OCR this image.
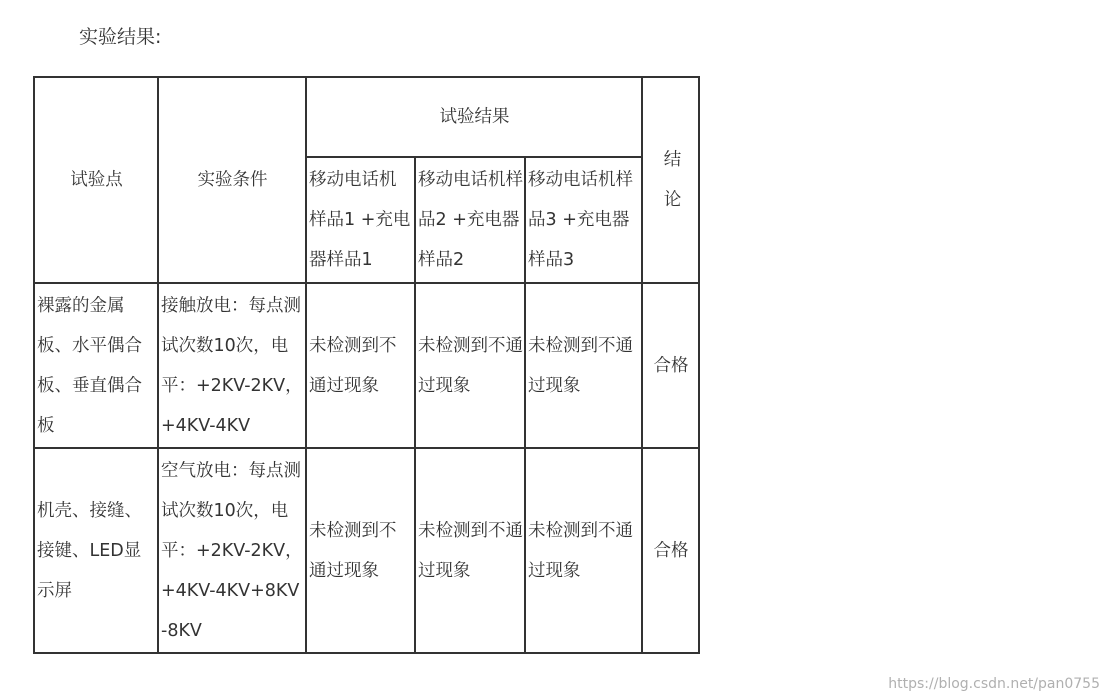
实验结果:
试验点	实验条件	试验结果			结论
		移动电话机样品1 +充电器样品1	移动电话机样品2 +充电器样品2	移动电话机样品3 +充电器样品3	
裸露的金属板、水平偶合板、垂直偶合板	接触放电：每点测试次数10次，电平：+2KV-2KV，+4KV-4KV	未检测到不通过现象	未检测到不通过现象	未检测到不通过现象	合格
机壳、接缝、接键、LED显示屏	空气放电：每点测试次数10次，电平：+2KV-2KV，+4KV-4KV+8KV-8KV	未检测到不通过现象	未检测到不通过现象	未检测到不通过现象	合格
https://blog.csdn.net/pan0755
